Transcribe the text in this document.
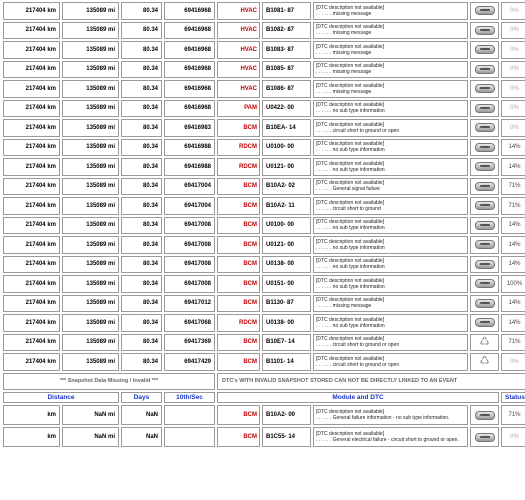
217404 km	135089 mi	80.34	69416968	HVAC	B1081- 87	[DTC description not available]
. . . . . . missing message		0%
217404 km	135089 mi	80.34	69416968	HVAC	B1082- 87	[DTC description not available]
. . . . . . missing message		0%
217404 km	135089 mi	80.34	69416968	HVAC	B1083- 87	[DTC description not available]
. . . . . . missing message		0%
217404 km	135089 mi	80.34	69416968	HVAC	B1085- 87	[DTC description not available]
. . . . . . missing message		0%
217404 km	135089 mi	80.34	69416968	HVAC	B1086- 87	[DTC description not available]
. . . . . . missing message		0%
217404 km	135089 mi	80.34	69416968	PAM	U0422- 00	[DTC description not available]
. . . . . . no sub type information		0%
217404 km	135089 mi	80.34	69416983	BCM	B10EA- 14	[DTC description not available]
. . . . . . circuit short to ground or open		0%
217404 km	135089 mi	80.34	69416988	RDCM	U0100- 00	[DTC description not available]
. . . . . . no sub type information		14%
217404 km	135089 mi	80.34	69416988	RDCM	U0121- 00	[DTC description not available]
. . . . . . no sub type information		14%
217404 km	135089 mi	80.34	69417004	BCM	B10A2- 02	[DTC description not available]
. . . . . . General signal failure		71%
217404 km	135089 mi	80.34	69417004	BCM	B10A2- 11	[DTC description not available]
. . . . . . circuit short to ground		71%
217404 km	135089 mi	80.34	69417008	BCM	U0100- 00	[DTC description not available]
. . . . . . no sub type information		14%
217404 km	135089 mi	80.34	69417008	BCM	U0121- 00	[DTC description not available]
. . . . . . no sub type information		14%
217404 km	135089 mi	80.34	69417008	BCM	U0138- 00	[DTC description not available]
. . . . . . no sub type information		14%
217404 km	135089 mi	80.34	69417008	BCM	U0151- 00	[DTC description not available]
. . . . . . no sub type information		100%
217404 km	135089 mi	80.34	69417012	BCM	B1130- 87	[DTC description not available]
. . . . . . missing message		14%
217404 km	135089 mi	80.34	69417068	RDCM	U0138- 00	[DTC description not available]
. . . . . . no sub type information		14%
217404 km	135089 mi	80.34	69417369	BCM	B10E7- 14	[DTC description not available]
. . . . . . circuit short to ground or open	♺	71%
217404 km	135089 mi	80.34	69417429	BCM	B1101- 14	[DTC description not available]
. . . . . . circuit short to ground or open	♺	0%
*** Snapshot Data Missing / Invalid ***				DTC's WITH INVALID SNAPSHOT STORED CAN NOT BE DIRECTLY LINKED TO AN EVENT				
Distance		Days	10th/Sec	Module and DTC				Status
km	NaN mi	NaN		BCM	B10A2- 00	[DTC description not available]
. . . . . . General failure information - no sub type information.		71%
km	NaN mi	NaN		BCM	B1C55- 14	[DTC description not available]
. . . . . . General electrical failure - circuit short to ground or open.		0%
